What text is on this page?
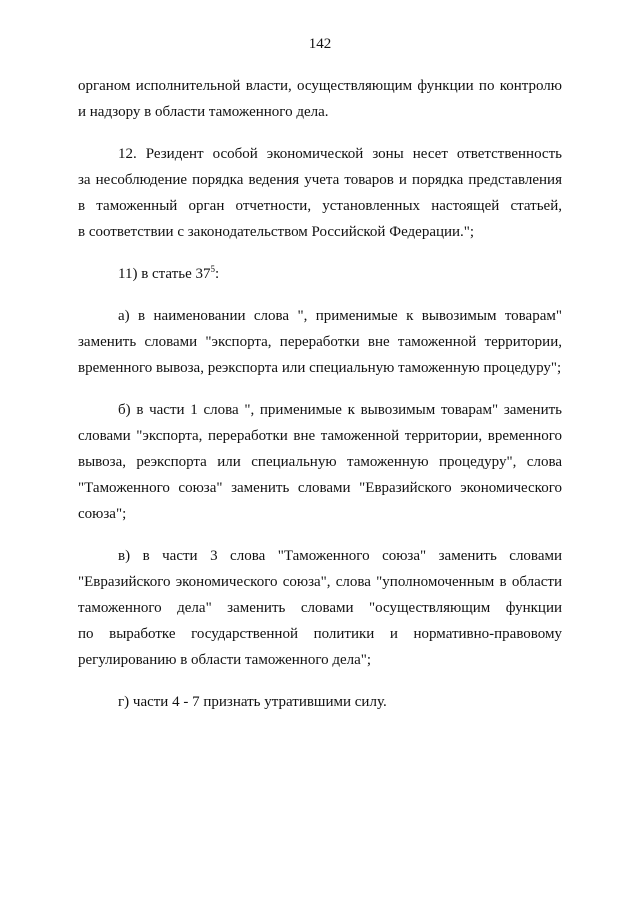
142
органом исполнительной власти, осуществляющим функции по контролю
и надзору в области таможенного дела.
12. Резидент особой экономической зоны несет ответственность
за несоблюдение порядка ведения учета товаров и порядка представления
в таможенный орган отчетности, установленных настоящей статьей,
в соответствии с законодательством Российской Федерации.";
11) в статье $37^5$:
а) в наименовании слова ", применимые к вывозимым товарам"
заменить словами "экспорта, переработки вне таможенной территории,
временного вывоза, реэкспорта или специальную таможенную процедуру";
б) в части 1 слова ", применимые к вывозимым товарам" заменить
словами "экспорта, переработки вне таможенной территории, временного
вывоза, реэкспорта или специальную таможенную процедуру", слова
"Таможенного союза" заменить словами "Евразийского экономического
союза";
в) в части 3 слова "Таможенного союза" заменить словами
"Евразийского экономического союза", слова "уполномоченным в области
таможенного дела" заменить словами "осуществляющим функции
по выработке государственной политики и нормативно-правовому
регулированию в области таможенного дела";
г) части 4 - 7 признать утратившими силу.
